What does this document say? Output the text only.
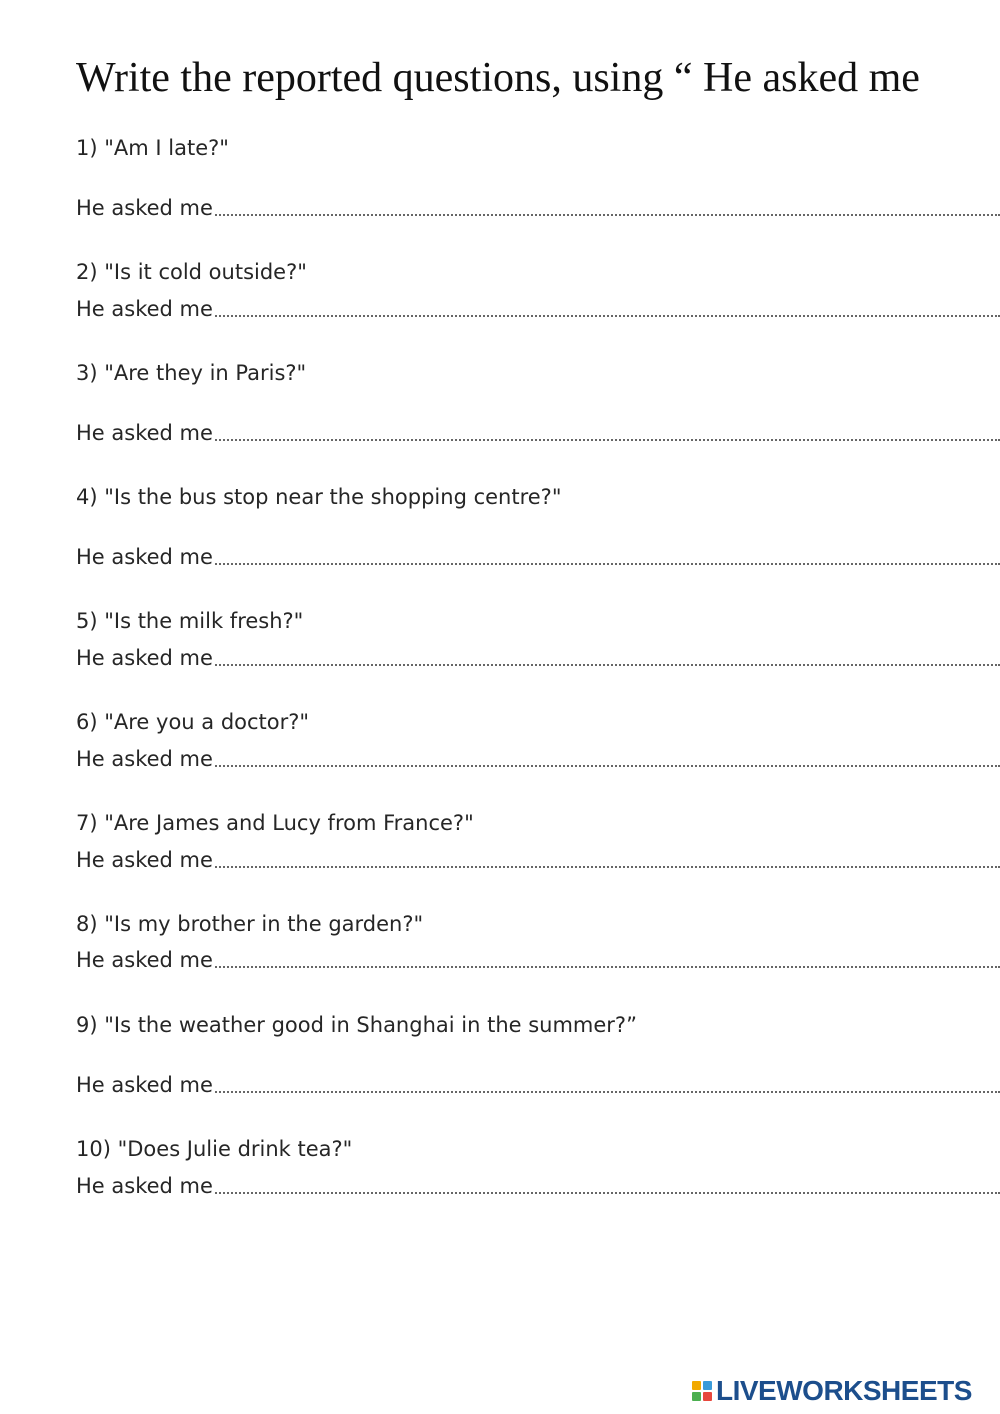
Write the reported questions, using “ He asked me
1) "Am I late?"
He asked me
2) "Is it cold outside?"
He asked me
3) "Are they in Paris?"
He asked me
4) "Is the bus stop near the shopping centre?"
He asked me
5) "Is the milk fresh?"
He asked me
6) "Are you a doctor?"
He asked me
7) "Are James and Lucy from France?"
He asked me
8) "Is my brother in the garden?"
He asked me
9) "Is the weather good in Shanghai in the summer?”
He asked me
10) "Does Julie drink tea?"
He asked me
LIVEWORKSHEETS
